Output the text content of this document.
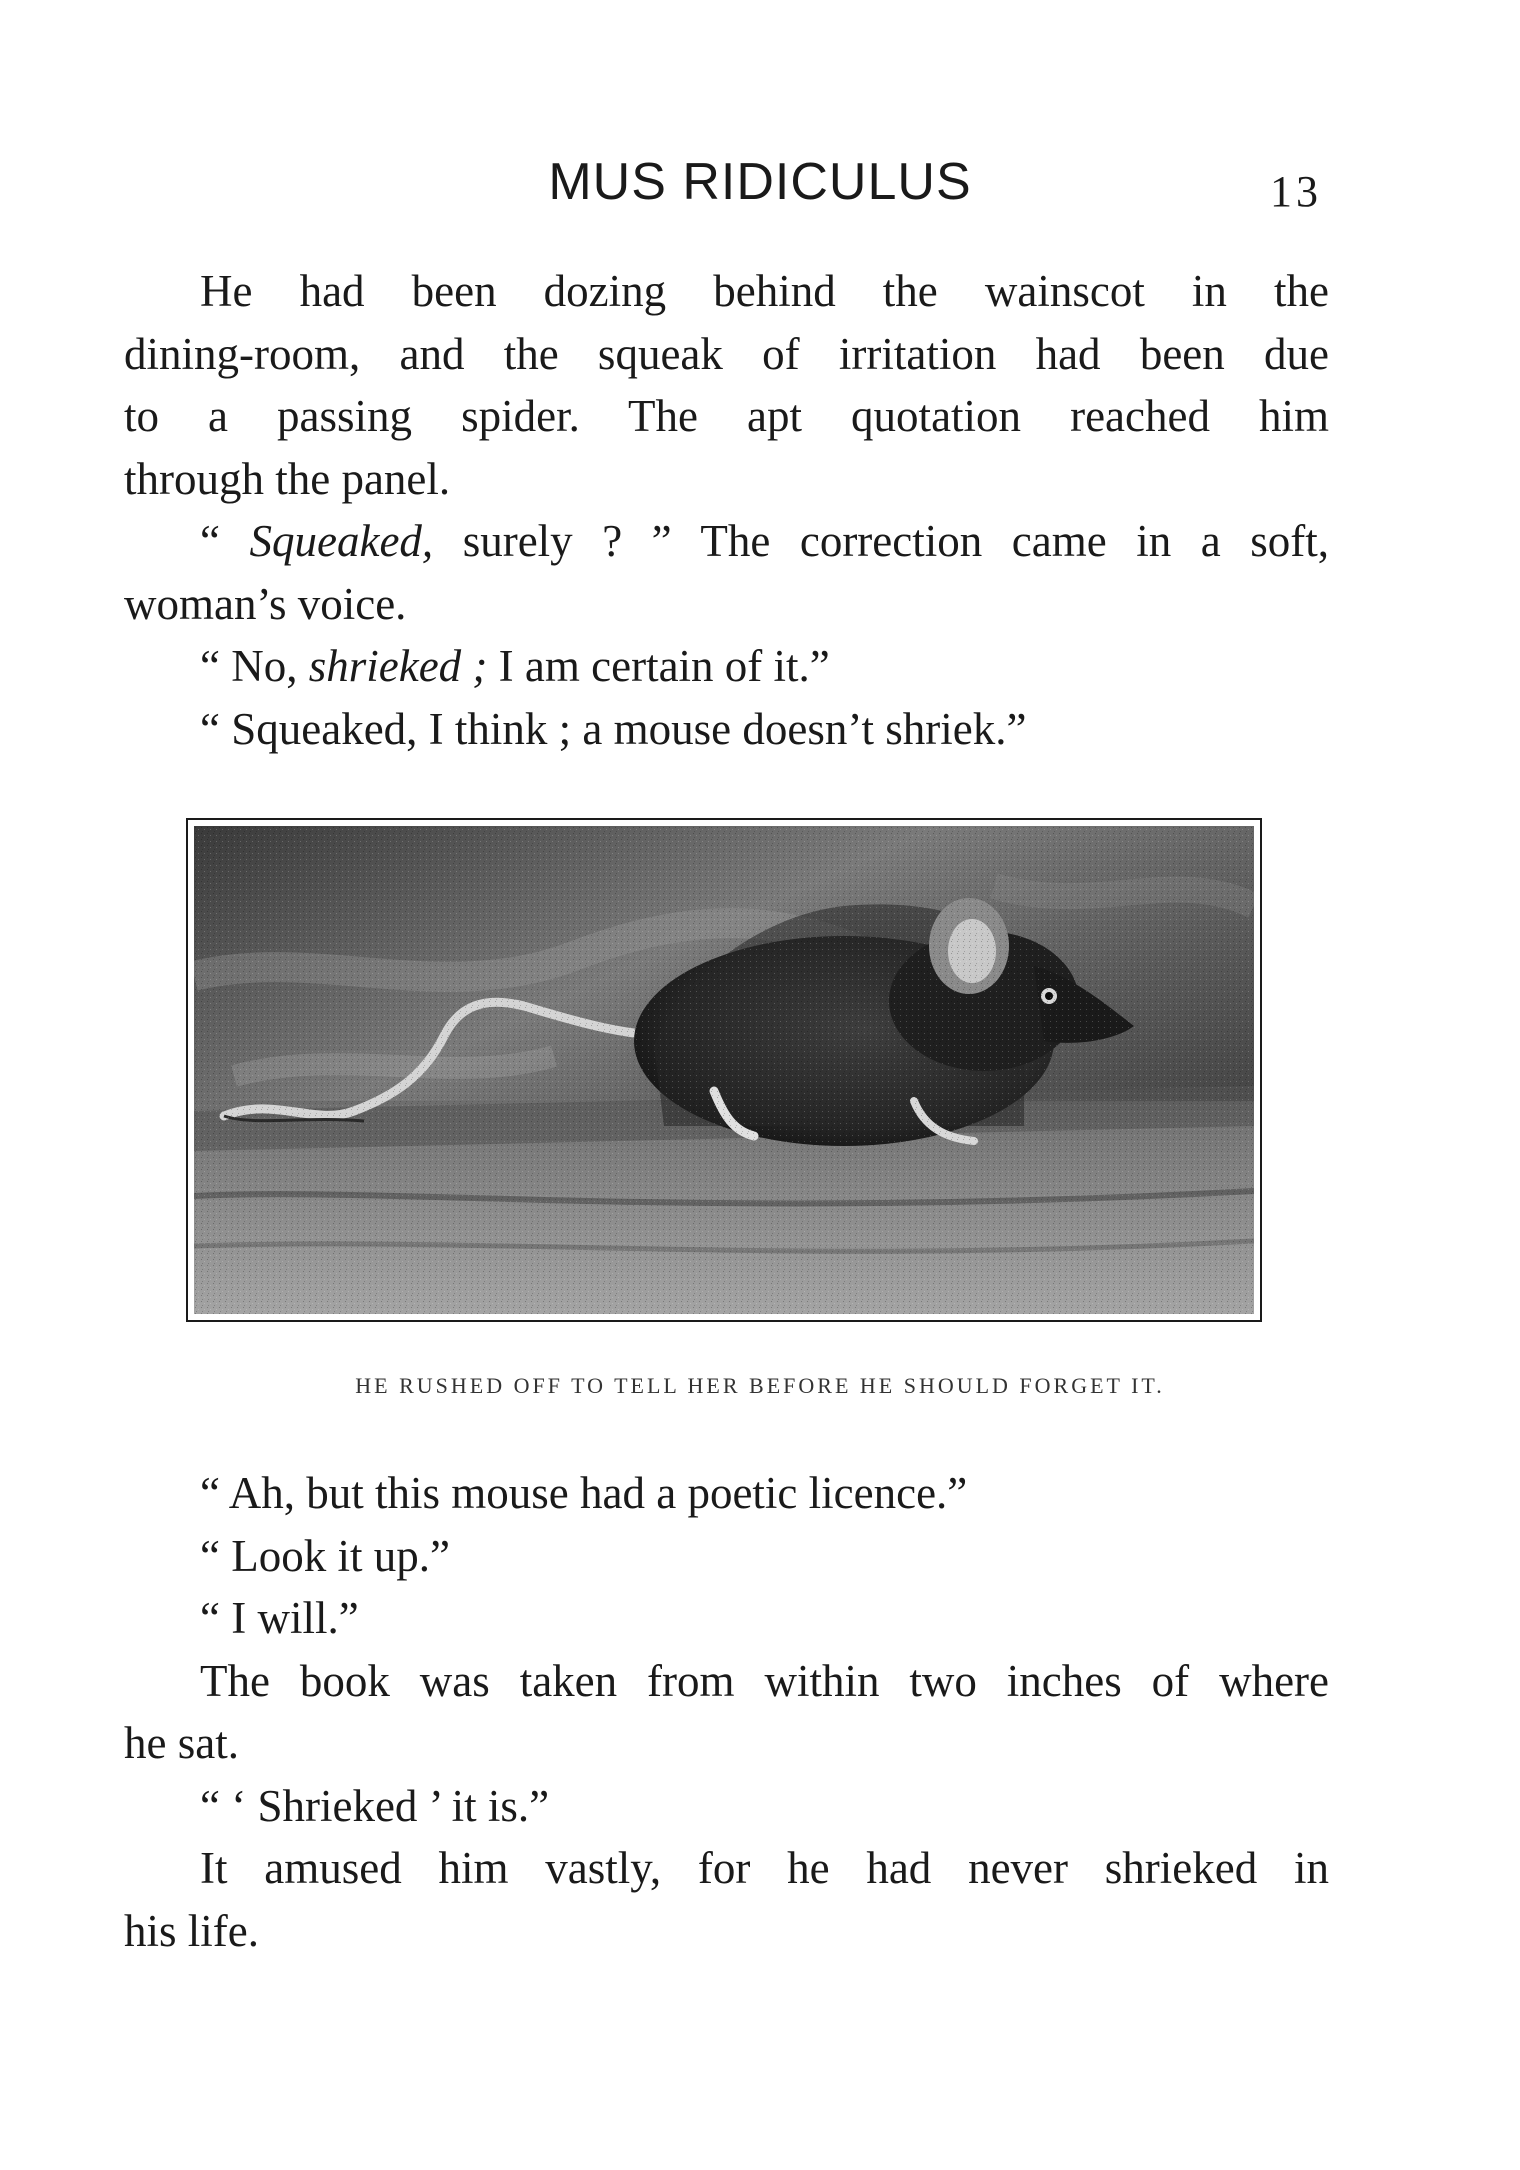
MUS RIDICULUS	13

He had been dozing behind the wainscot in the

dining-room, and the squeak of irritation had been due

to a passing spider. The apt quotation reached him

through the panel.

“ Squeaked, surely ? ” The correction came in a soft,

woman’s voice.

“ No, shrieked ; I am certain of it.”

“ Squeaked, I think ; a mouse doesn’t shriek.”

HE RUSHED OFF TO TELL HER BEFORE HE SHOULD FORGET IT.

“ Ah, but this mouse had a poetic licence.”

“ Look it up.”

“ I will.”

The book was taken from within two inches of where

he sat.

“ ‘ Shrieked ’ it is.”

It amused him vastly, for he had never shrieked in

his life.
